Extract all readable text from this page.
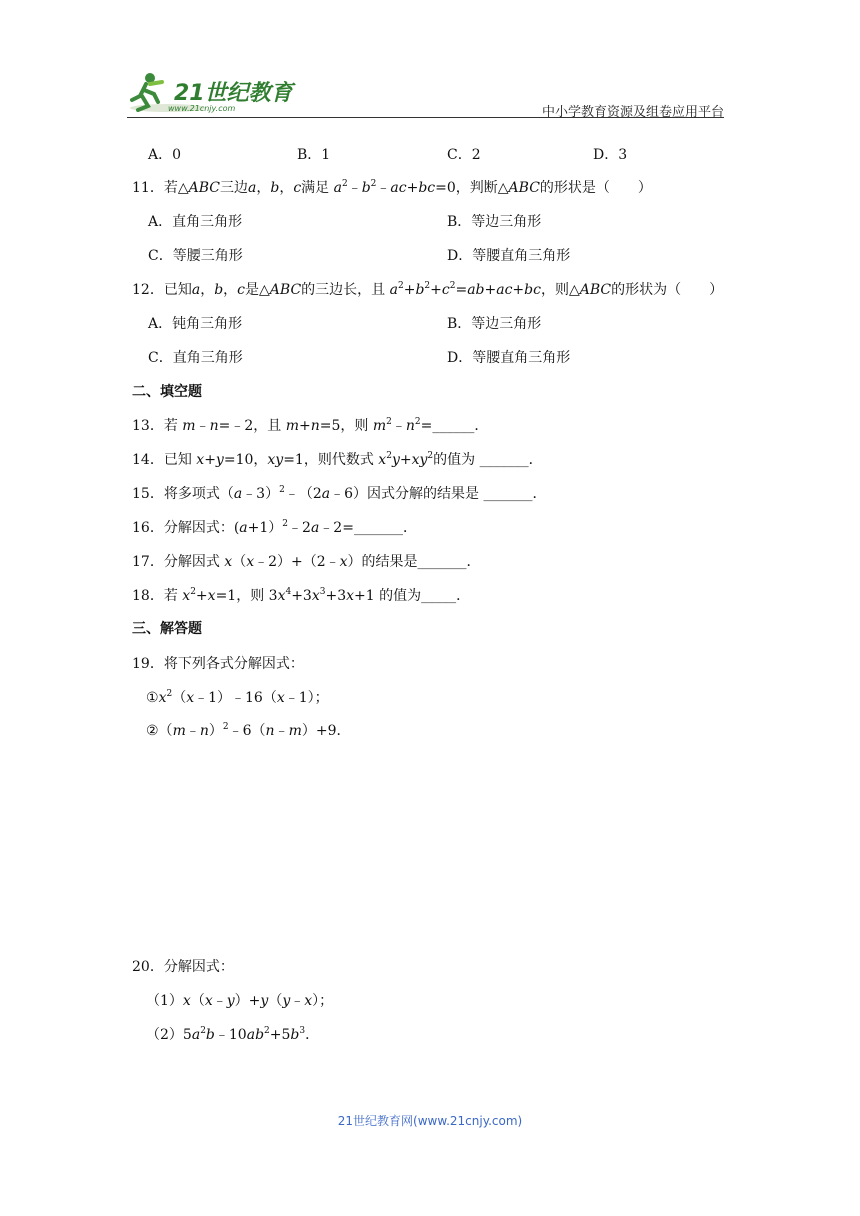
21世纪教育
www.21cnjy.com	中小学教育资源及组卷应用平台
A．0	B．1	C．2	D．3
11．若△ABC三边a，b，c满足 $a^2﹣b^2﹣ac+bc=0$，判断△ABC的形状是（　　）
A．直角三角形	B．等边三角形
C．等腰三角形	D．等腰直角三角形
12．已知a，b，c是△ABC的三边长，且 $a^2+b^2+c^2=ab+ac+bc$，则△ABC的形状为（　　）
A．钝角三角形	B．等边三角形
C．直角三角形	D．等腰直角三角形
二、填空题
13．若 m﹣n=﹣2，且 m+n=5，则 $m^2﹣n^2=\_\_\_\_\_\_$．
14．已知 x+y=10，xy=1，则代数式 $x^2y+xy^2$的值为 _______．
15．将多项式（a﹣3）$^2$﹣（2a﹣6）因式分解的结果是 _______．
16．分解因式：(a+1）$^2$﹣2a﹣2=_______．
17．分解因式 x（x﹣2）+（2﹣x）的结果是_______．
18．若 $x^2+x=1$，则 $3x^4+3x^3+3x+1$ 的值为_____．
三、解答题
19．将下列各式分解因式：
$①x^2(x﹣1)﹣16(x﹣1)$；
②（m﹣n）$^2$﹣6（n﹣m）+9．
20．分解因式：
（1）x（x﹣y）+y（y﹣x）；
$(2)5a^2b﹣10ab^2+5b^3$．
21世纪教育网(www.21cnjy.com)
